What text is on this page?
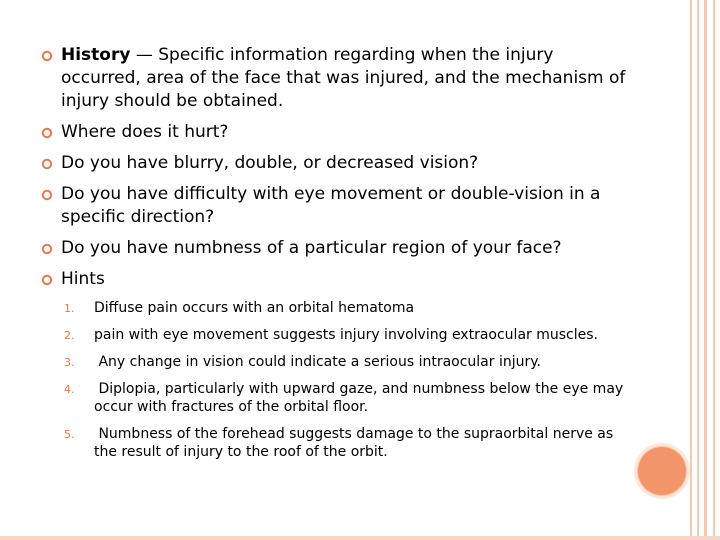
History — Specific information regarding when the injury occurred, area of the face that was injured, and the mechanism of injury should be obtained.
Where does it hurt?
Do you have blurry, double, or decreased vision?
Do you have difficulty with eye movement or double-vision in a specific direction?
Do you have numbness of a particular region of your face?
Hints
1. Diffuse pain occurs with an orbital hematoma
2. pain with eye movement suggests injury involving extraocular muscles.
3. Any change in vision could indicate a serious intraocular injury.
4. Diplopia, particularly with upward gaze, and numbness below the eye may occur with fractures of the orbital floor.
5. Numbness of the forehead suggests damage to the supraorbital nerve as the result of injury to the roof of the orbit.
